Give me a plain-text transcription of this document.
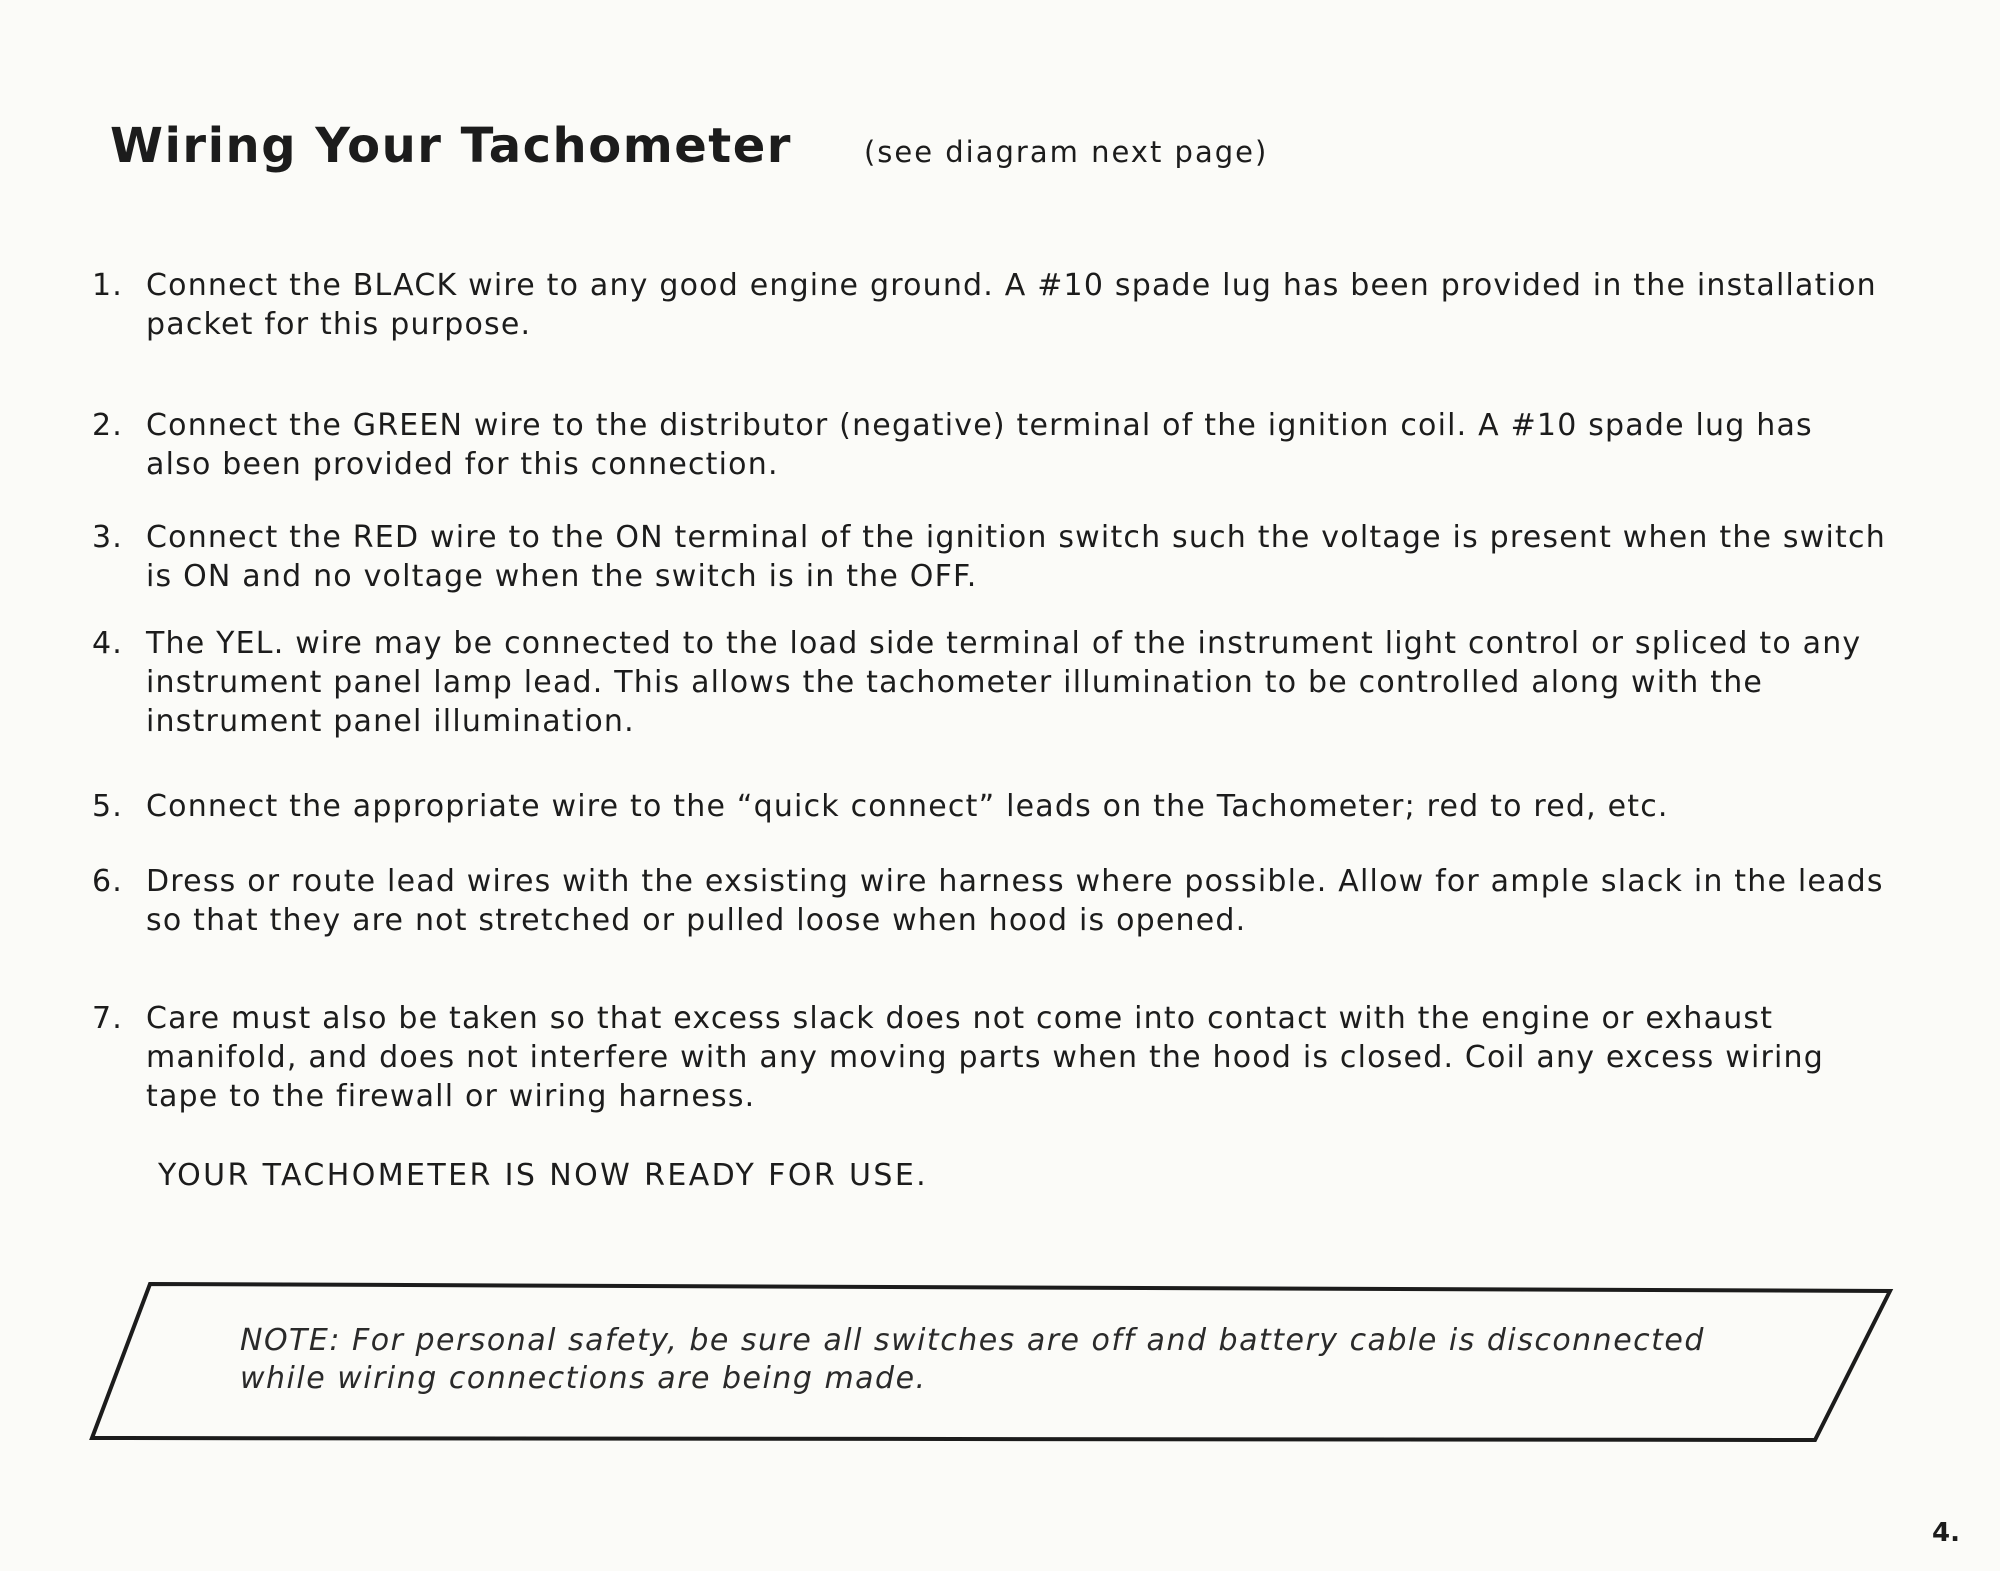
Wiring Your Tachometer (see diagram next page)
1. Connect the BLACK wire to any good engine ground. A #10 spade lug has been provided in the installation packet for this purpose.
2. Connect the GREEN wire to the distributor (negative) terminal of the ignition coil. A #10 spade lug has also been provided for this connection.
3. Connect the RED wire to the ON terminal of the ignition switch such the voltage is present when the switch is ON and no voltage when the switch is in the OFF.
4. The YEL. wire may be connected to the load side terminal of the instrument light control or spliced to any instrument panel lamp lead. This allows the tachometer illumination to be controlled along with the instrument panel illumination.
5. Connect the appropriate wire to the “quick connect” leads on the Tachometer; red to red, etc.
6. Dress or route lead wires with the exsisting wire harness where possible. Allow for ample slack in the leads so that they are not stretched or pulled loose when hood is opened.
7. Care must also be taken so that excess slack does not come into contact with the engine or exhaust manifold, and does not interfere with any moving parts when the hood is closed. Coil any excess wiring tape to the firewall or wiring harness.
YOUR TACHOMETER IS NOW READY FOR USE.
NOTE: For personal safety, be sure all switches are off and battery cable is disconnected while wiring connections are being made.
4.
